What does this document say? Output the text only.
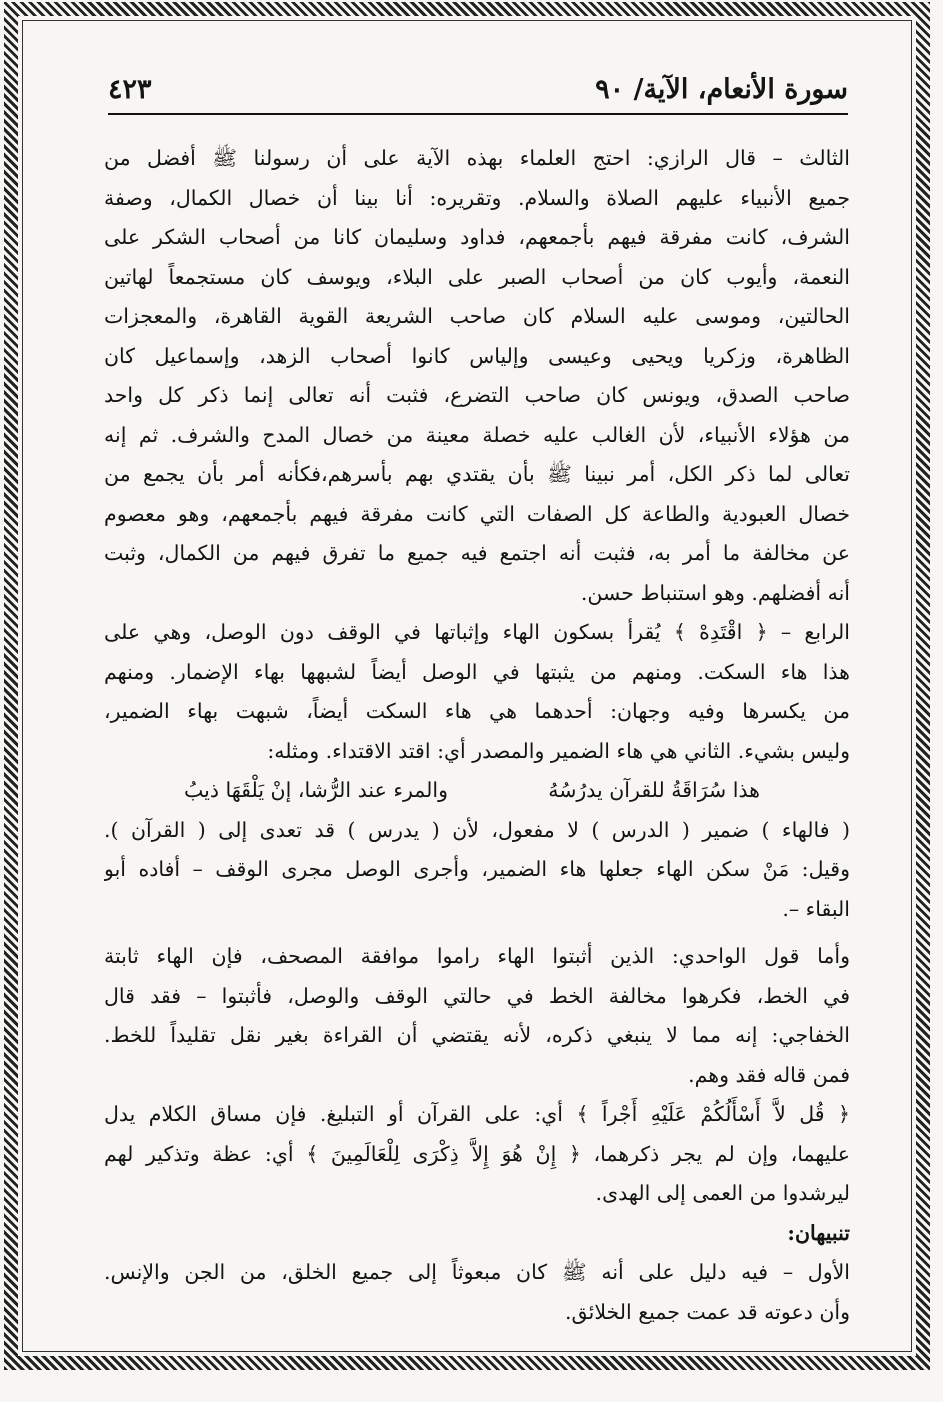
سورة الأنعام، الآية/ ٩٠
٤٢٣
الثالث – قال الرازي: احتج العلماء بهذه الآية على أن رسولنا ﷺ أفضل من
جميع الأنبياء عليهم الصلاة والسلام. وتقريره: أنا بينا أن خصال الكمال، وصفة
الشرف، كانت مفرقة فيهم بأجمعهم، فداود وسليمان كانا من أصحاب الشكر على
النعمة، وأيوب كان من أصحاب الصبر على البلاء، ويوسف كان مستجمعاً لهاتين
الحالتين، وموسى عليه السلام كان صاحب الشريعة القوية القاهرة، والمعجزات
الظاهرة، وزكريا ويحيى وعيسى وإلياس كانوا أصحاب الزهد، وإسماعيل كان
صاحب الصدق، ويونس كان صاحب التضرع، فثبت أنه تعالى إنما ذكر كل واحد
من هؤلاء الأنبياء، لأن الغالب عليه خصلة معينة من خصال المدح والشرف. ثم إنه
تعالى لما ذكر الكل، أمر نبينا ﷺ بأن يقتدي بهم بأسرهم،فكأنه أمر بأن يجمع من
خصال العبودية والطاعة كل الصفات التي كانت مفرقة فيهم بأجمعهم، وهو معصوم
عن مخالفة ما أمر به، فثبت أنه اجتمع فيه جميع ما تفرق فيهم من الكمال، وثبت
أنه أفضلهم. وهو استنباط حسن.
الرابع – ﴿ اقْتَدِهْ ﴾ يُقرأ بسكون الهاء وإثباتها في الوقف دون الوصل، وهي على
هذا هاء السكت. ومنهم من يثبتها في الوصل أيضاً لشبهها بهاء الإضمار. ومنهم
من يكسرها وفيه وجهان: أحدهما هي هاء السكت أيضاً، شبهت بهاء الضمير،
وليس بشيء. الثاني هي هاء الضمير والمصدر أي: اقتد الاقتداء. ومثله:
هذا سُرَاقَةُ للقرآن يدرُسُهُ
والمرء عند الرُّشا، إنْ يَلْقَهَا ذيبُ
( فالهاء ) ضمير ( الدرس ) لا مفعول، لأن ( يدرس ) قد تعدى إلى ( القرآن ).
وقيل: مَنْ سكن الهاء جعلها هاء الضمير، وأجرى الوصل مجرى الوقف – أفاده أبو
البقاء –.
وأما قول الواحدي: الذين أثبتوا الهاء راموا موافقة المصحف، فإن الهاء ثابتة
في الخط، فكرهوا مخالفة الخط في حالتي الوقف والوصل، فأثبتوا – فقد قال
الخفاجي: إنه مما لا ينبغي ذكره، لأنه يقتضي أن القراءة بغير نقل تقليداً للخط.
فمن قاله فقد وهم.
﴿ قُل لاَّ أَسْأَلُكُمْ عَلَيْهِ أَجْراً ﴾ أي: على القرآن أو التبليغ. فإن مساق الكلام يدل
عليهما، وإن لم يجر ذكرهما، ﴿ إِنْ هُوَ إِلاَّ ذِكْرَى لِلْعَالَمِينَ ﴾ أي: عظة وتذكير لهم
ليرشدوا من العمى إلى الهدى.
تنبيهان:
الأول – فيه دليل على أنه ﷺ كان مبعوثاً إلى جميع الخلق، من الجن والإنس.
وأن دعوته قد عمت جميع الخلائق.
